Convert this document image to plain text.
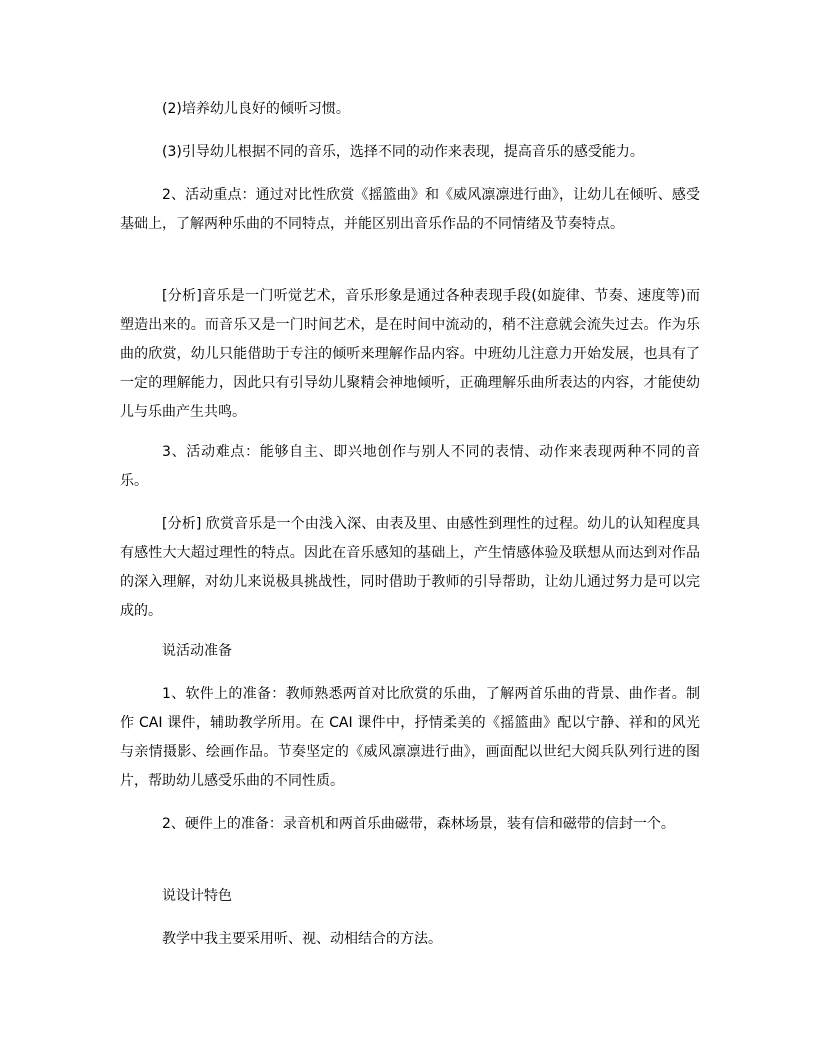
(2)培养幼儿良好的倾听习惯。

(3)引导幼儿根据不同的音乐，选择不同的动作来表现，提高音乐的感受能力。

2、活动重点：通过对比性欣赏《摇篮曲》和《威风凛凛进行曲》，让幼儿在倾听、感受基础上，了解两种乐曲的不同特点，并能区别出音乐作品的不同情绪及节奏特点。

[分析]音乐是一门听觉艺术，音乐形象是通过各种表现手段(如旋律、节奏、速度等)而塑造出来的。而音乐又是一门时间艺术，是在时间中流动的，稍不注意就会流失过去。作为乐曲的欣赏，幼儿只能借助于专注的倾听来理解作品内容。中班幼儿注意力开始发展，也具有了一定的理解能力，因此只有引导幼儿聚精会神地倾听，正确理解乐曲所表达的内容，才能使幼儿与乐曲产生共鸣。

3、活动难点：能够自主、即兴地创作与别人不同的表情、动作来表现两种不同的音乐。

[分析] 欣赏音乐是一个由浅入深、由表及里、由感性到理性的过程。幼儿的认知程度具有感性大大超过理性的特点。因此在音乐感知的基础上，产生情感体验及联想从而达到对作品的深入理解，对幼儿来说极具挑战性，同时借助于教师的引导帮助，让幼儿通过努力是可以完成的。

说活动准备

1、软件上的准备：教师熟悉两首对比欣赏的乐曲，了解两首乐曲的背景、曲作者。制作 CAI 课件，辅助教学所用。在 CAI 课件中，抒情柔美的《摇篮曲》配以宁静、祥和的风光与亲情摄影、绘画作品。节奏坚定的《威风凛凛进行曲》，画面配以世纪大阅兵队列行进的图片，帮助幼儿感受乐曲的不同性质。

2、硬件上的准备：录音机和两首乐曲磁带，森林场景，装有信和磁带的信封一个。

说设计特色

教学中我主要采用听、视、动相结合的方法。
